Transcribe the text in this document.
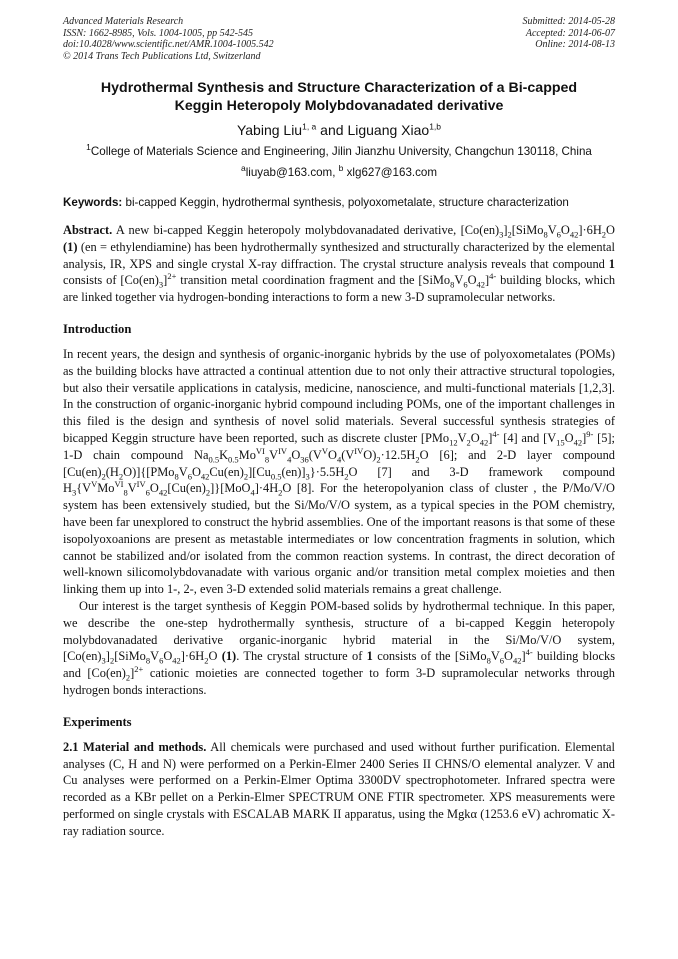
Advanced Materials Research
ISSN: 1662-8985, Vols. 1004-1005, pp 542-545
doi:10.4028/www.scientific.net/AMR.1004-1005.542
© 2014 Trans Tech Publications Ltd, Switzerland
Submitted: 2014-05-28
Accepted: 2014-06-07
Online: 2014-08-13
Hydrothermal Synthesis and Structure Characterization of a Bi-capped
Keggin Heteropoly Molybdovanadated derivative
Yabing Liu$^{1, a}$ and Liguang Xiao$^{1,b}$
$^1$College of Materials Science and Engineering, Jilin Jianzhu University, Changchun 130118, China
$^a$liuyab@163.com, $^b$ xlg627@163.com
Keywords: bi-capped Keggin, hydrothermal synthesis, polyoxometalate, structure characterization
Abstract. A new bi-capped Keggin heteropoly molybdovanadated derivative, $[Co(en)_3]_2[SiMo_8V_6O_{42}]\cdot 6H_2O$ (1) (en = ethylendiamine) has been hydrothermally synthesized and structurally characterized by the elemental analysis, IR, XPS and single crystal X-ray diffraction. The crystal structure analysis reveals that compound 1 consists of $[Co(en)_3]^{2+}$ transition metal coordination fragment and the $[SiMo_8V_6O_{42}]^{4-}$ building blocks, which are linked together via hydrogen-bonding interactions to form a new 3-D supramolecular networks.
Introduction
In recent years, the design and synthesis of organic-inorganic hybrids by the use of polyoxometalates (POMs) as the building blocks have attracted a continual attention due to not only their attractive structural topologies, but also their versatile applications in catalysis, medicine, nanoscience, and multi-functional materials [1,2,3]. In the construction of organic-inorganic hybrid compound including POMs, one of the important challenges in this filed is the design and synthesis of novel solid materials. Several successful synthesis strategies of bicapped Keggin structure have been reported, such as discrete cluster $[PMo_{12}V_2O_{42}]^{4-}$ [4] and $[V_{15}O_{42}]^{9-}$ [5]; 1-D chain compound $Na_{0.5}K_{0.5}Mo^{VI}_8V^{IV}_4O_{36}(V^VO_4(V^{IV}O)_2\cdot 12.5H_2O$ [6]; and 2-D layer compound $[Cu(en)_2(H_2O)]\{[PMo_8V_6O_{42}Cu(en)_2][Cu_{0.5}(en)]_3\}\cdot 5.5H_2O$ [7] and 3-D framework compound $H_3\{V^VMo^{VI}_8V^{IV}_6O_{42}[Cu(en)_2]\}[MoO_4]\cdot 4H_2O$ [8]. For the heteropolyanion class of cluster , the P/Mo/V/O system has been extensively studied, but the Si/Mo/V/O system, as a typical species in the POM chemistry, have been far unexplored to construct the hybrid assemblies. One of the important reasons is that some of these isopolyoxoanions are present as metastable intermediates or low concentration fragments in solution, which cannot be stabilized and/or isolated from the common reaction systems. In contrast, the direct decoration of well-known silicomolybdovanadate with various organic and/or transition metal complex moieties and then linking them up into 1-, 2-, even 3-D extended solid materials remains a great challenge.
Our interest is the target synthesis of Keggin POM-based solids by hydrothermal technique. In this paper, we describe the one-step hydrothermally synthesis, structure of a bi-capped Keggin heteropoly molybdovanadated derivative organic-inorganic hybrid material in the Si/Mo/V/O system, $[Co(en)_3]_2[SiMo_8V_6O_{42}]\cdot 6H_2O$ (1). The crystal structure of 1 consists of the $[SiMo_8V_6O_{42}]^{4-}$ building blocks and $[Co(en)_2]^{2+}$ cationic moieties are connected together to form 3-D supramolecular networks through hydrogen bonds interactions.
Experiments
2.1 Material and methods. All chemicals were purchased and used without further purification. Elemental analyses (C, H and N) were performed on a Perkin-Elmer 2400 Series II CHNS/O elemental analyzer. V and Cu analyses were performed on a Perkin-Elmer Optima 3300DV spectrophotometer. Infrared spectra were recorded as a KBr pellet on a Perkin-Elmer SPECTRUM ONE FTIR spectrometer. XPS measurements were performed on single crystals with ESCALAB MARK II apparatus, using the Mgkα (1253.6 eV) achromatic X-ray radiation source.
